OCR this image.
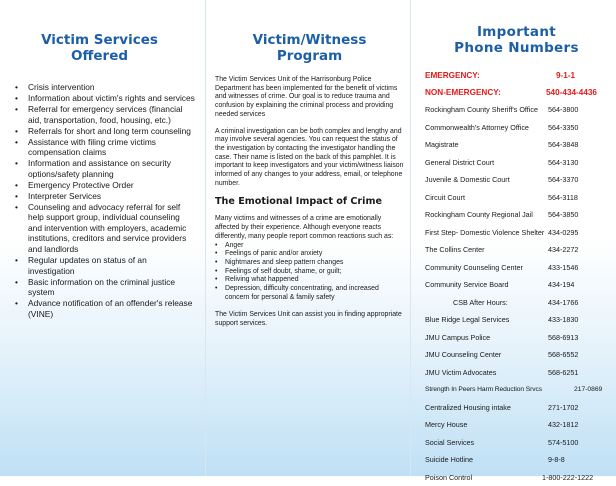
Victim Services
Offered
• Crisis intervention
• Information about victim's rights and services
• Referral for emergency services (financial aid, transportation, food, housing, etc.)
• Referrals for short and long term counseling
• Assistance with filing crime victims compensation claims
• Information and assistance on security options/safety planning
• Emergency Protective Order
• Interpreter Services
• Counseling and advocacy referral for self help support group, individual counseling and intervention with employers, academic institutions, creditors and service providers and landlords
• Regular updates on status of an investigation
• Basic information on the criminal justice system
• Advance notification of an offender's release (VINE)
Victim/Witness
Program

The Victim Services Unit of the Harrisonburg Police Department has been implemented for the benefit of victims and witnesses of crime. Our goal is to reduce trauma and confusion by explaining the criminal process and providing needed services

A criminal investigation can be both complex and lengthy and may involve several agencies. You can request the status of the investigation by contacting the investigator handling the case. Their name is listed on the back of this pamphlet. It is important to keep investigators and your victim/witness liaison informed of any changes to your address, email, or telephone number.

The Emotional Impact of Crime

Many victims and witnesses of a crime are emotionally affected by their experience. Although everyone reacts differently, many people report common reactions such as:

• Anger
• Feelings of panic and/or anxiety
• Nightmares and sleep pattern changes
• Feelings of self doubt, shame, or guilt;
• Reliving what happened
• Depression, difficulty concentrating, and increased concern for personal & family safety

The Victim Services Unit can assist you in finding appropriate support services.

Important
Phone Numbers
EMERGENCY:	9-1-1
NON-EMERGENCY:	540-434-4436
Rockingham County Sheriff's Office 564-3800
Commonwealth's Attorney Office	564-3350
Magistrate	564-3848
General District Court	564-3130
Juvenile & Domestic Court	564-3370
Circuit Court	564-3118
Rockingham County Regional Jail 564-3850
First Step- Domestic Violence Shelter 434-0295
The Collins Center	434-2272
Community Counseling Center	433-1546
Community Service Board	434-194
CSB After Hours:	434-1766
Blue Ridge Legal Services	433-1830
JMU Campus Police	568-6913
JMU Counseling Center	568-6552
JMU Victim Advocates	568-6251
Strength In Peers Harm Reduction Srvcs	217-0869
Centralized Housing intake	271-1702
Mercy House	432-1812
Social Services	574-5100
Suicide Hotline	9-8-8
Poison Control	1-800-222-1222
